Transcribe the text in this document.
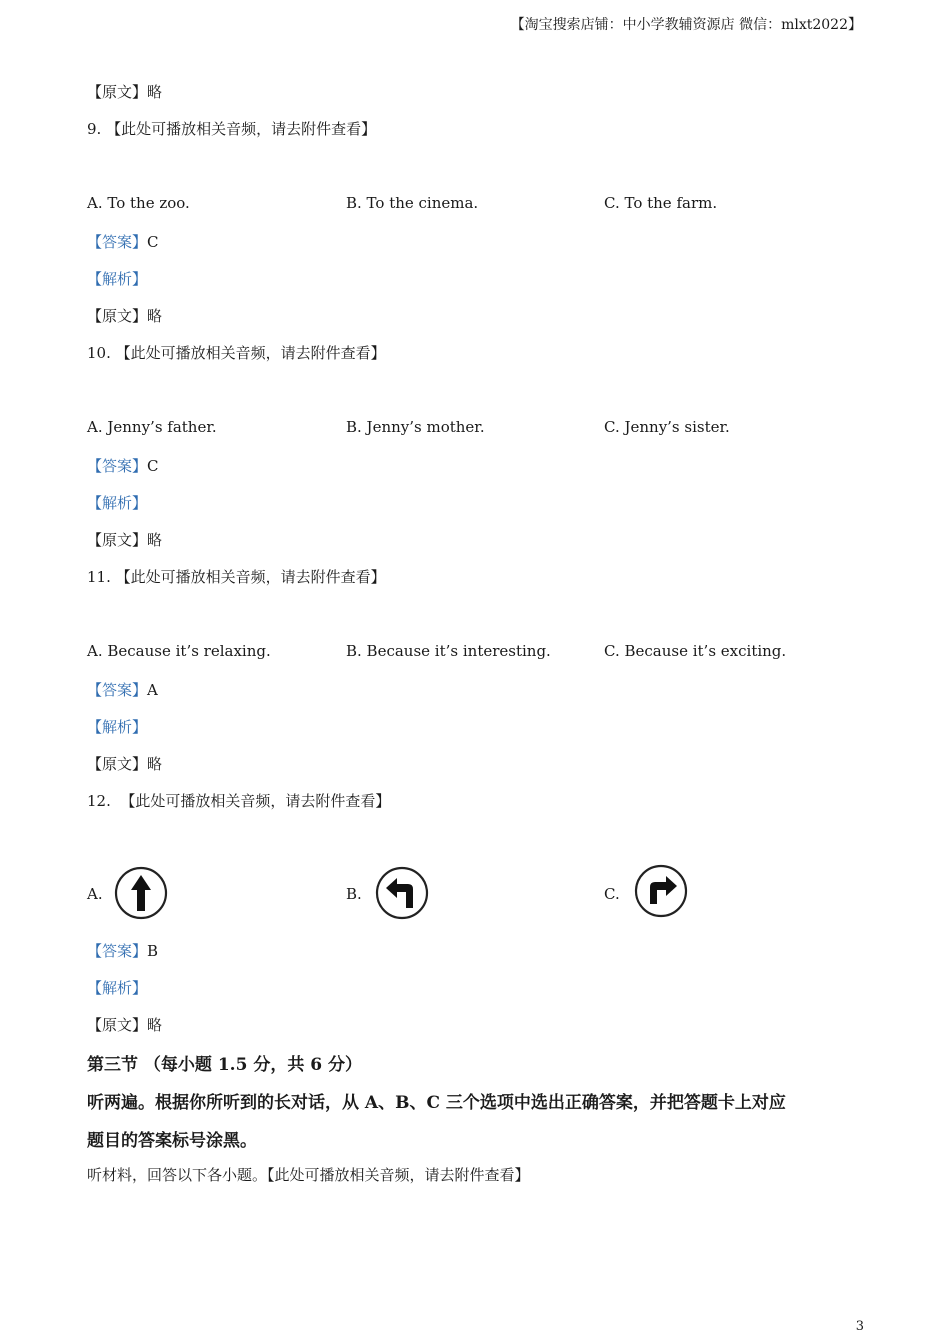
【淘宝搜索店铺：中小学教辅资源店 微信：mlxt2022】
【原文】略
9. 【此处可播放相关音频，请去附件查看】
A. To the zoo.	B. To the cinema.	C. To the farm.
【答案】C
【解析】
【原文】略
10. 【此处可播放相关音频，请去附件查看】
A. Jenny’s father.	B. Jenny’s mother.	C. Jenny’s sister.
【答案】C
【解析】
【原文】略
11. 【此处可播放相关音频，请去附件查看】
A. Because it’s relaxing.	B. Because it’s interesting.	C. Because it’s exciting.
【答案】A
【解析】
【原文】略
12. 【此处可播放相关音频，请去附件查看】
A.	B.	C.
【答案】B
【解析】
【原文】略
第三节 （每小题 1.5 分，共 6 分）
听两遍。根据你所听到的长对话，从 A、B、C 三个选项中选出正确答案，并把答题卡上对应
题目的答案标号涂黑。
听材料，回答以下各小题。【此处可播放相关音频，请去附件查看】
3
